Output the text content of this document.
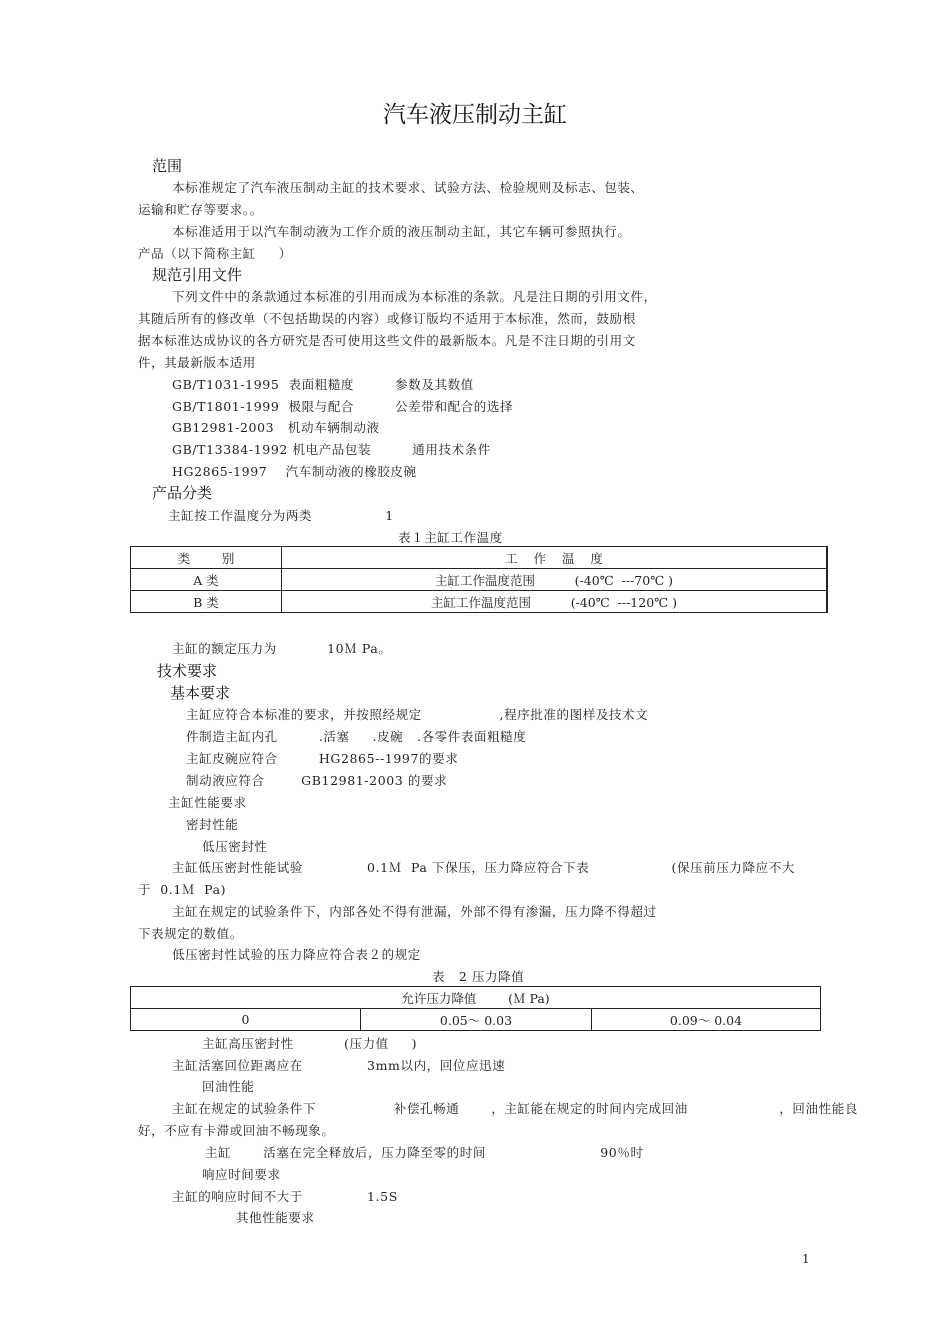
汽车液压制动主缸
范围
本标准规定了汽车液压制动主缸的技术要求、试验方法、检验规则及标志、包装、
运输和贮存等要求。。
本标准适用于以汽车制动液为工作介质的液压制动主缸，其它车辆可参照执行。
产品（以下简称主缸     ）
规范引用文件
下列文件中的条款通过本标准的引用而成为本标准的条款。凡是注日期的引用文件，
其随后所有的修改单（不包括勘误的内容）或修订版均不适用于本标准，然而，鼓励根
据本标准达成协议的各方研究是否可使用这些文件的最新版本。凡是不注日期的引用文
件，其最新版本适用
GB/T1031-1995  表面粗糙度         参数及其数值
GB/T1801-1999  极限与配合         公差带和配合的选择
GB12981-2003   机动车辆制动液
GB/T13384-1992 机电产品包装         通用技术条件
HG2865-1997    汽车制动液的橡胶皮碗
产品分类
主缸按工作温度分为两类                1
表１主缸工作温度
类        别	工    作    温    度
A 类	主缸工作温度范围          (-40℃  ---70℃ )
B 类	主缸工作温度范围          (-40℃  ---120℃ )
主缸的额定压力为           10Ｍ Pa。
技术要求
基本要求
主缸应符合本标准的要求，并按照经规定                 ,程序批准的图样及技术文
件制造主缸内孔         .活塞     .皮碗   .各零件表面粗糙度
主缸皮碗应符合         HG2865--1997的要求
制动液应符合        GB12981-2003 的要求
主缸性能要求
密封性能
低压密封性
主缸低压密封性能试验              0.1Ｍ  Pa 下保压，压力降应符合下表                  (保压前压力降应不大
于  0.1Ｍ  Pa)
主缸在规定的试验条件下，内部各处不得有泄漏，外部不得有渗漏，压力降不得超过
下表规定的数值。
低压密封性试验的压力降应符合表２的规定
表   2 压力降值
允许压力降值        (Ｍ Pa)
0	0.05～ 0.03	0.09～ 0.04
主缸高压密封性           (压力值     )
主缸活塞回位距离应在              3mm以内，回位应迅速
回油性能
主缸在规定的试验条件下                 补偿孔畅通       ，主缸能在规定的时间内完成回油                    ，回油性能良
好，不应有卡滞或回油不畅现象。
主缸       活塞在完全释放后，压力降至零的时间                         90％时
响应时间要求
主缸的响应时间不大于              1.5S
其他性能要求
1
